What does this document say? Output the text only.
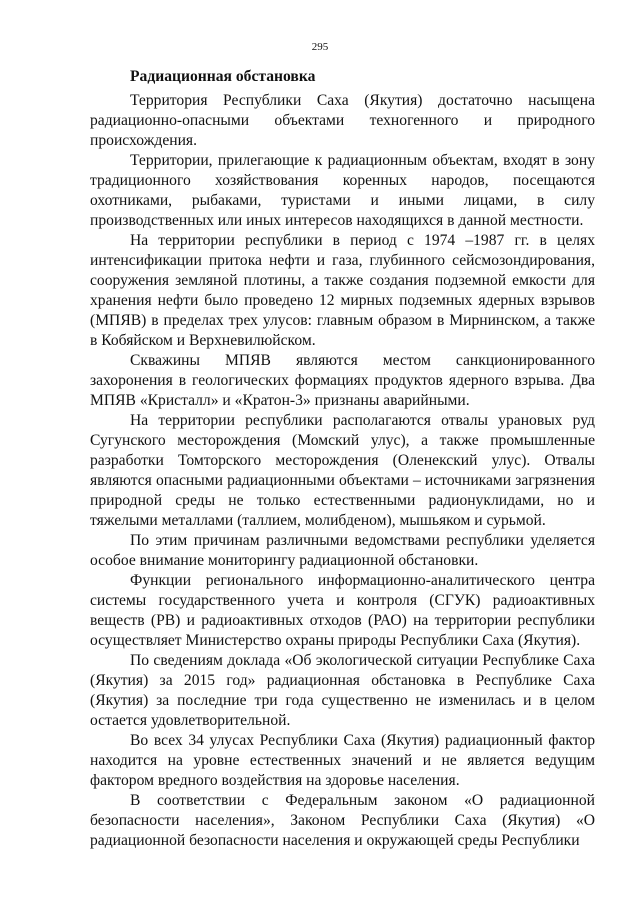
295
Радиационная обстановка

Территория Республики Саха (Якутия) достаточно насыщена радиационно-опасными объектами техногенного и природного происхождения.

Территории, прилегающие к радиационным объектам, входят в зону традиционного хозяйствования коренных народов, посещаются охотниками, рыбаками, туристами и иными лицами, в силу производственных или иных интересов находящихся в данной местности.

На территории республики в период с 1974 –1987 гг. в целях интенсификации притока нефти и газа, глубинного сейсмозондирования, сооружения земляной плотины, а также создания подземной емкости для хранения нефти было проведено 12 мирных подземных ядерных взрывов (МПЯВ) в пределах трех улусов: главным образом в Мирнинском, а также в Кобяйском и Верхневилюйском.

Скважины МПЯВ являются местом санкционированного захоронения в геологических формациях продуктов ядерного взрыва. Два МПЯВ «Кристалл» и «Кратон-3» признаны аварийными.

На территории республики располагаются отвалы урановых руд Сугунского месторождения (Момский улус), а также промышленные разработки Томторского месторождения (Оленекский улус). Отвалы являются опасными радиационными объектами – источниками загрязнения природной среды не только естественными радионуклидами, но и тяжелыми металлами (таллием, молибденом), мышьяком и сурьмой.

По этим причинам различными ведомствами республики уделяется особое внимание мониторингу радиационной обстановки.

Функции регионального информационно-аналитического центра системы государственного учета и контроля (СГУК) радиоактивных веществ (РВ) и радиоактивных отходов (РАО) на территории республики осуществляет Министерство охраны природы Республики Саха (Якутия).

По сведениям доклада «Об экологической ситуации Республике Саха (Якутия) за 2015 год» радиационная обстановка в Республике Саха (Якутия) за последние три года существенно не изменилась и в целом остается удовлетворительной.

Во всех 34 улусах Республики Саха (Якутия) радиационный фактор находится на уровне естественных значений и не является ведущим фактором вредного воздействия на здоровье населения.

В соответствии с Федеральным законом «О радиационной безопасности населения», Законом Республики Саха (Якутия) «О радиационной безопасности населения и окружающей среды Республики
